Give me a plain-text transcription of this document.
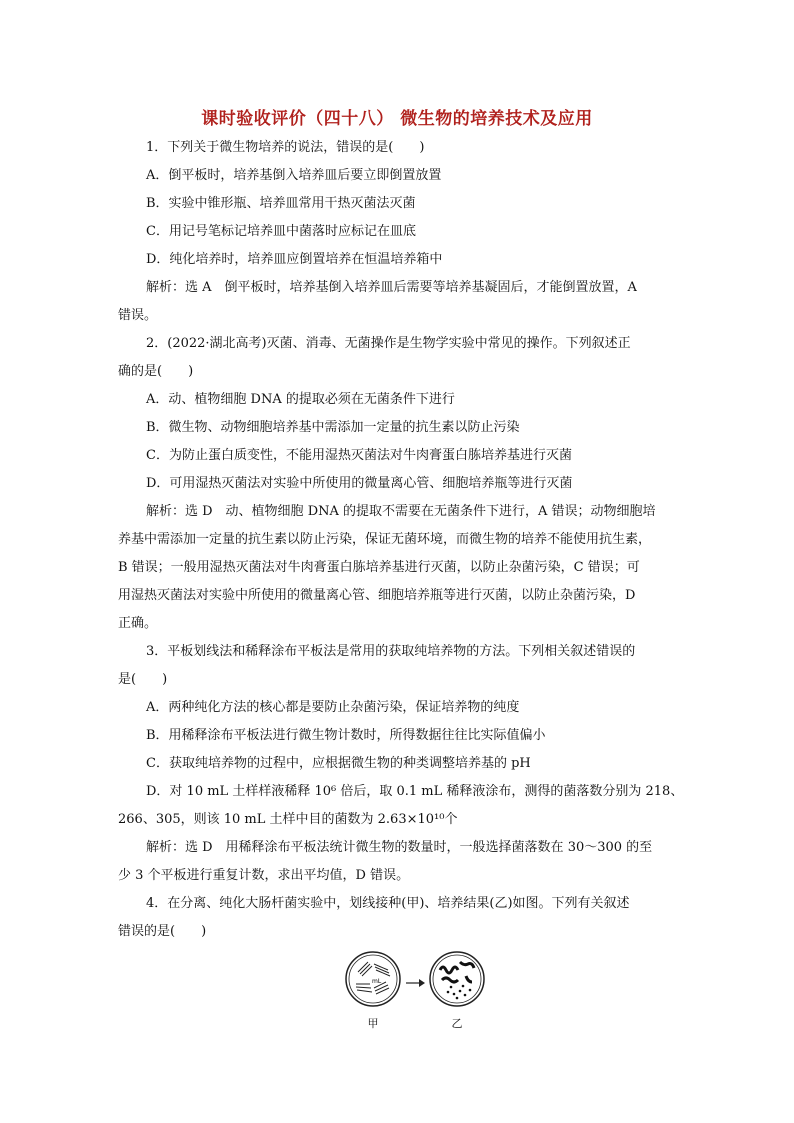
课时验收评价（四十八） 微生物的培养技术及应用
1．下列关于微生物培养的说法，错误的是(　　)
A．倒平板时，培养基倒入培养皿后要立即倒置放置
B．实验中锥形瓶、培养皿常用干热灭菌法灭菌
C．用记号笔标记培养皿中菌落时应标记在皿底
D．纯化培养时，培养皿应倒置培养在恒温培养箱中
解析：选 A　倒平板时，培养基倒入培养皿后需要等培养基凝固后，才能倒置放置，A
错误。
2．(2022·湖北高考)灭菌、消毒、无菌操作是生物学实验中常见的操作。下列叙述正
确的是(　　)
A．动、植物细胞 DNA 的提取必须在无菌条件下进行
B．微生物、动物细胞培养基中需添加一定量的抗生素以防止污染
C．为防止蛋白质变性，不能用湿热灭菌法对牛肉膏蛋白胨培养基进行灭菌
D．可用湿热灭菌法对实验中所使用的微量离心管、细胞培养瓶等进行灭菌
解析：选 D　动、植物细胞 DNA 的提取不需要在无菌条件下进行，A 错误；动物细胞培
养基中需添加一定量的抗生素以防止污染，保证无菌环境，而微生物的培养不能使用抗生素，
B 错误；一般用湿热灭菌法对牛肉膏蛋白胨培养基进行灭菌，以防止杂菌污染，C 错误；可
用湿热灭菌法对实验中所使用的微量离心管、细胞培养瓶等进行灭菌，以防止杂菌污染，D
正确。
3．平板划线法和稀释涂布平板法是常用的获取纯培养物的方法。下列相关叙述错误的
是(　　)
A．两种纯化方法的核心都是要防止杂菌污染，保证培养物的纯度
B．用稀释涂布平板法进行微生物计数时，所得数据往往比实际值偏小
C．获取纯培养物的过程中，应根据微生物的种类调整培养基的 pH
D．对 10 mL 土样样液稀释 10⁶ 倍后，取 0.1 mL 稀释液涂布，测得的菌落数分别为 218、
266、305，则该 10 mL 土样中目的菌数为 2.63×10¹⁰个
解析：选 D　用稀释涂布平板法统计微生物的数量时，一般选择菌落数在 30～300 的至
少 3 个平板进行重复计数，求出平均值，D 错误。
4．在分离、纯化大肠杆菌实验中，划线接种(甲)、培养结果(乙)如图。下列有关叙述
错误的是(　　)
mL
甲	乙
